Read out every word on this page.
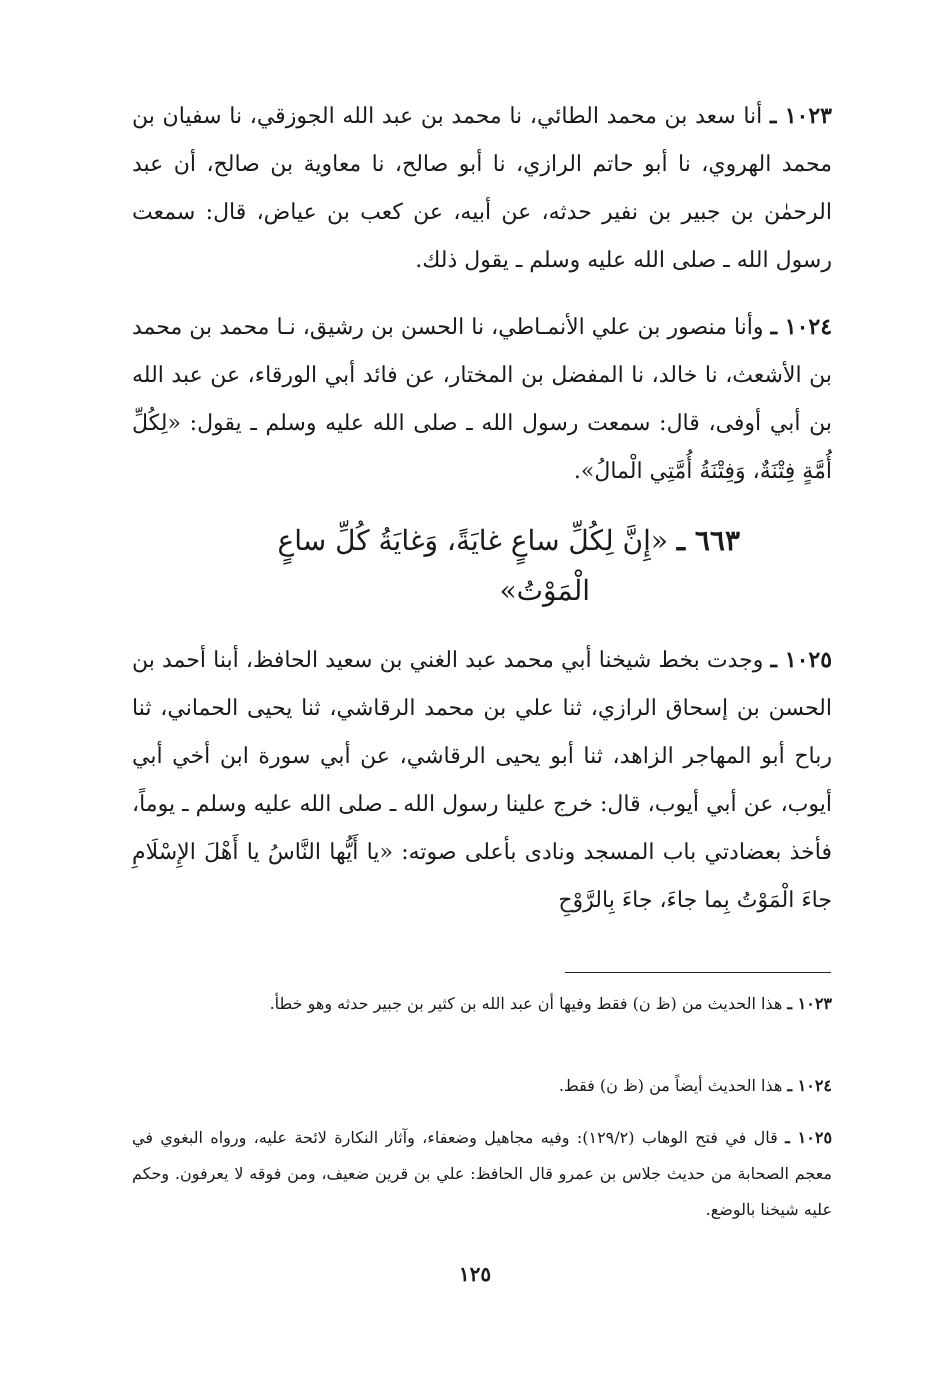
١٠٢٣ ـ أنا سعد بن محمد الطائي، نا محمد بن عبد الله الجوزقي، نا سفيان بن محمد الهروي، نا أبو حاتم الرازي، نا أبو صالح، نا معاوية بن صالح، أن عبد الرحمٰن بن جبير بن نفير حدثه، عن أبيه، عن كعب بن عياض، قال: سمعت رسول الله ـ صلى الله عليه وسلم ـ يقول ذلك.

١٠٢٤ ـ وأنا منصور بن علي الأنمـاطي، نا الحسن بن رشيق، نـا محمد بن محمد بن الأشعث، نا خالد، نا المفضل بن المختار، عن فائد أبي الورقاء، عن عبد الله بن أبي أوفى، قال: سمعت رسول الله ـ صلى الله عليه وسلم ـ يقول: «لِكُلِّ أُمَّةٍ فِتْنَةٌ، وَفِتْنَةُ أُمَّتِي الْمالُ».

٦٦٣ ـ «إِنَّ لِكُلِّ ساعٍ غايَةً، وَغايَةُ كُلِّ ساعٍ
الْمَوْتُ»

١٠٢٥ ـ وجدت بخط شيخنا أبي محمد عبد الغني بن سعيد الحافظ، أبنا أحمد بن الحسن بن إسحاق الرازي، ثنا علي بن محمد الرقاشي، ثنا يحيى الحماني، ثنا رباح أبو المهاجر الزاهد، ثنا أبو يحيى الرقاشي، عن أبي سورة ابن أخي أبي أيوب، عن أبي أيوب، قال: خرج علينا رسول الله ـ صلى الله عليه وسلم ـ يوماً، فأخذ بعضادتي باب المسجد ونادى بأعلى صوته: «يا أَيُّها النَّاسُ يا أَهْلَ الإِسْلَامِ جاءَ الْمَوْتُ بِما جاءَ، جاءَ بِالرَّوْحِ

١٠٢٣ ـ هذا الحديث من (ظ ن) فقط وفيها أن عبد الله بن كثير بن جبير حدثه وهو خطأ.

١٠٢٤ ـ هذا الحديث أيضاً من (ظ ن) فقط.

١٠٢٥ ـ قال في فتح الوهاب (١٢٩/٢): وفيه مجاهيل وضعفاء، وآثار النكارة لائحة عليه، ورواه البغوي في معجم الصحابة من حديث جلاس بن عمرو قال الحافظ: علي بن قرين ضعيف، ومن فوقه لا يعرفون. وحكم عليه شيخنا بالوضع.

١٢٥
